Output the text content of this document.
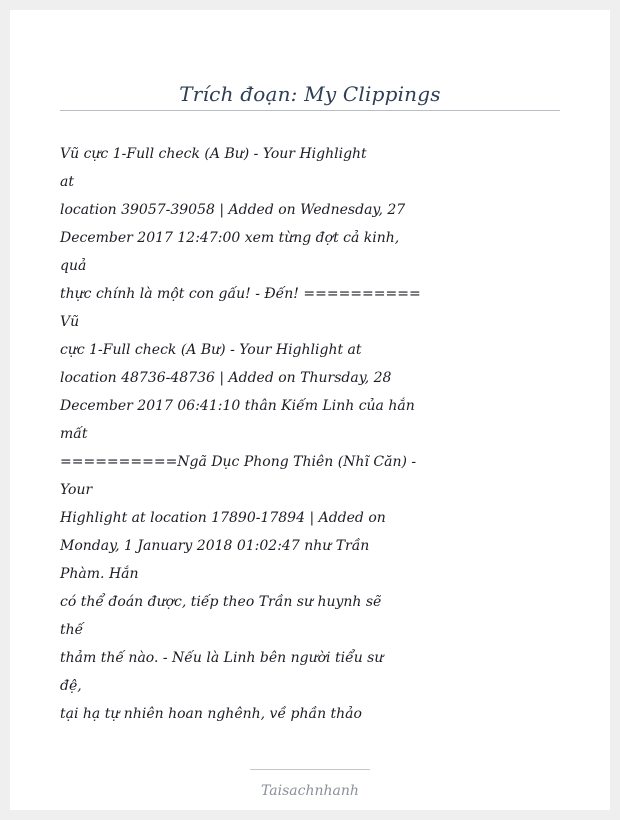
Trích đoạn: My Clippings
Vũ cực 1-Full check (A Bư) - Your Highlight
at
location 39057-39058 | Added on Wednesday, 27
December 2017 12:47:00 xem từng đợt cả kinh,
quả
thực chính là một con gấu! - Đến! ==========
Vũ
cực 1-Full check (A Bư) - Your Highlight at
location 48736-48736 | Added on Thursday, 28
December 2017 06:41:10 thân Kiếm Linh của hắn
mất
==========Ngã Dục Phong Thiên (Nhĩ Căn) -
Your
Highlight at location 17890-17894 | Added on
Monday, 1 January 2018 01:02:47 như Trần
Phàm. Hắn
có thể đoán được, tiếp theo Trần sư huynh sẽ
thế
thảm thế nào. - Nếu là Linh bên người tiểu sư
đệ,
tại hạ tự nhiên hoan nghênh, về phần thảo
Taisachnhanh
